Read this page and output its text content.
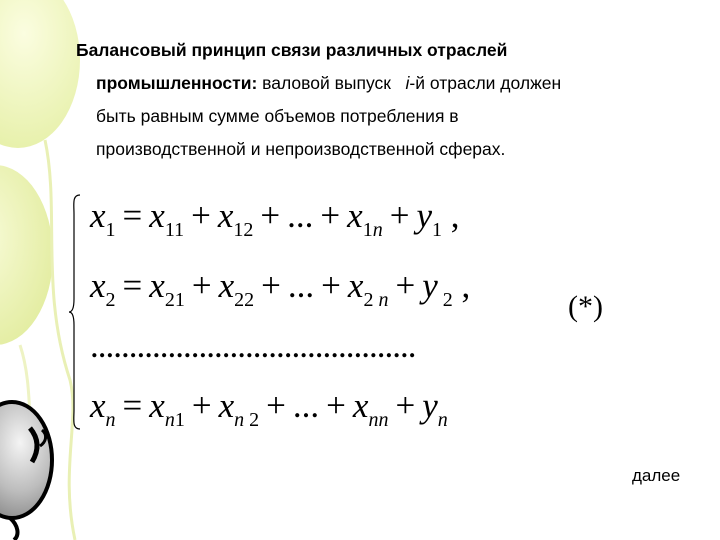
Балансовый принцип связи различных отраслей
промышленности: валовой выпуск   i-й отрасли должен
быть равным сумме объемов потребления в
производственной и непроизводственной сферах.
$x_1 = x_{11} + x_{12}$ + ... + $x_{1n} + y_1$ ,
$x_2 = x_{21} + x_{22}$ + ... + $x_{2 n} + y$ $_2$ ,
..........................................
$x_n = x_{n1} + x_{n 2}$ + ... + $x_{nn} + y_n$
(*)
далее
